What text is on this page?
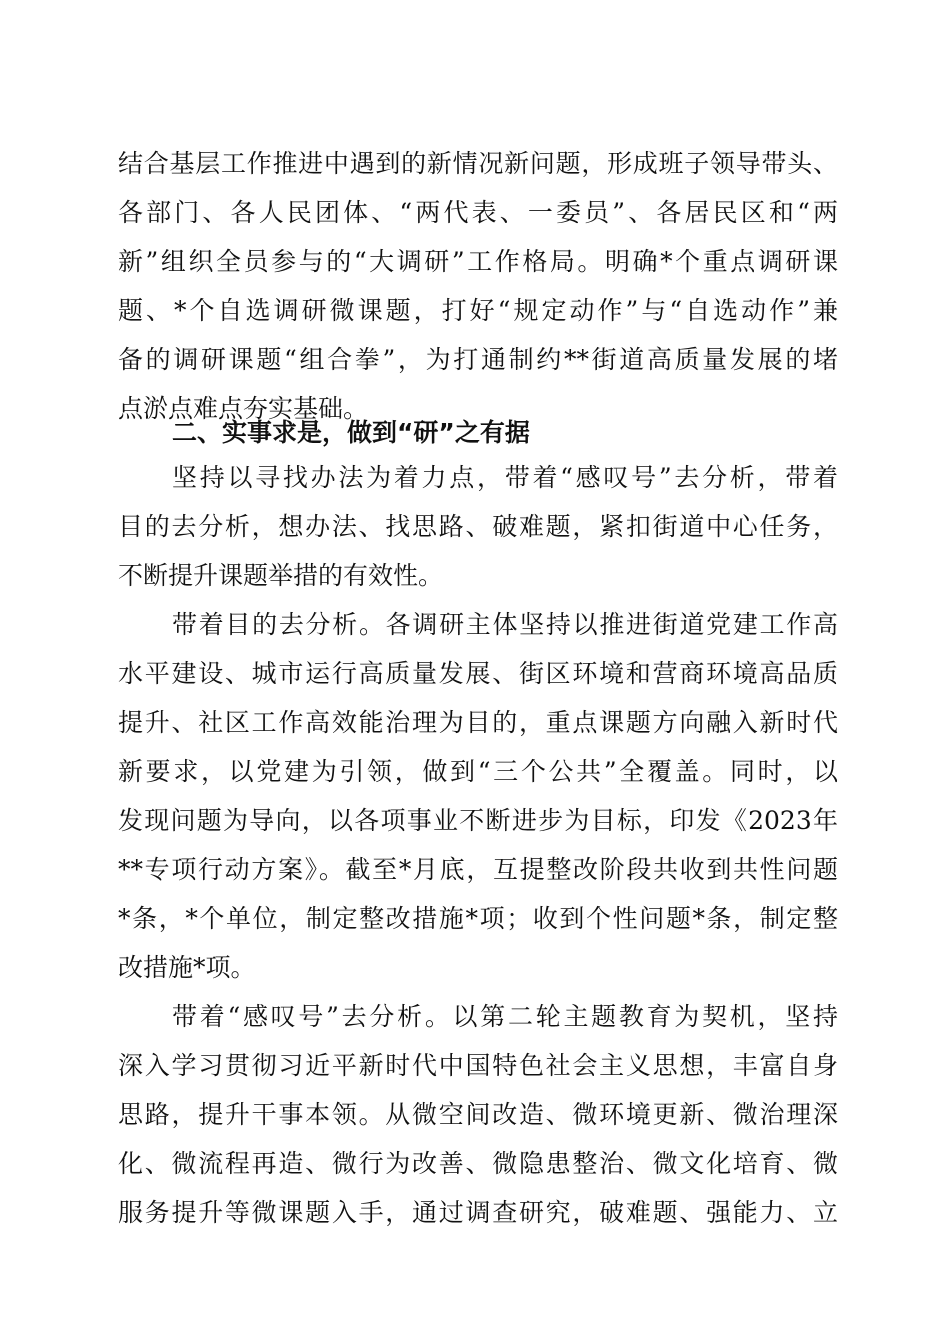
结合基层工作推进中遇到的新情况新问题，形成班子领导带头、
各部门、各人民团体、“两代表、一委员”、各居民区和“两
新”组织全员参与的“大调研”工作格局。明确*个重点调研课
题、*个自选调研微课题，打好“规定动作”与“自选动作”兼
备的调研课题“组合拳”，为打通制约**街道高质量发展的堵
点淤点难点夯实基础。
二、实事求是，做到“研”之有据
坚持以寻找办法为着力点，带着“感叹号”去分析，带着
目的去分析，想办法、找思路、破难题，紧扣街道中心任务，
不断提升课题举措的有效性。
带着目的去分析。各调研主体坚持以推进街道党建工作高
水平建设、城市运行高质量发展、街区环境和营商环境高品质
提升、社区工作高效能治理为目的，重点课题方向融入新时代
新要求，以党建为引领，做到“三个公共”全覆盖。同时，以
发现问题为导向，以各项事业不断进步为目标，印发《2023年
**专项行动方案》。截至*月底，互提整改阶段共收到共性问题
*条，*个单位，制定整改措施*项；收到个性问题*条，制定整
改措施*项。
带着“感叹号”去分析。以第二轮主题教育为契机，坚持
深入学习贯彻习近平新时代中国特色社会主义思想，丰富自身
思路，提升干事本领。从微空间改造、微环境更新、微治理深
化、微流程再造、微行为改善、微隐患整治、微文化培育、微
服务提升等微课题入手，通过调查研究，破难题、强能力、立
